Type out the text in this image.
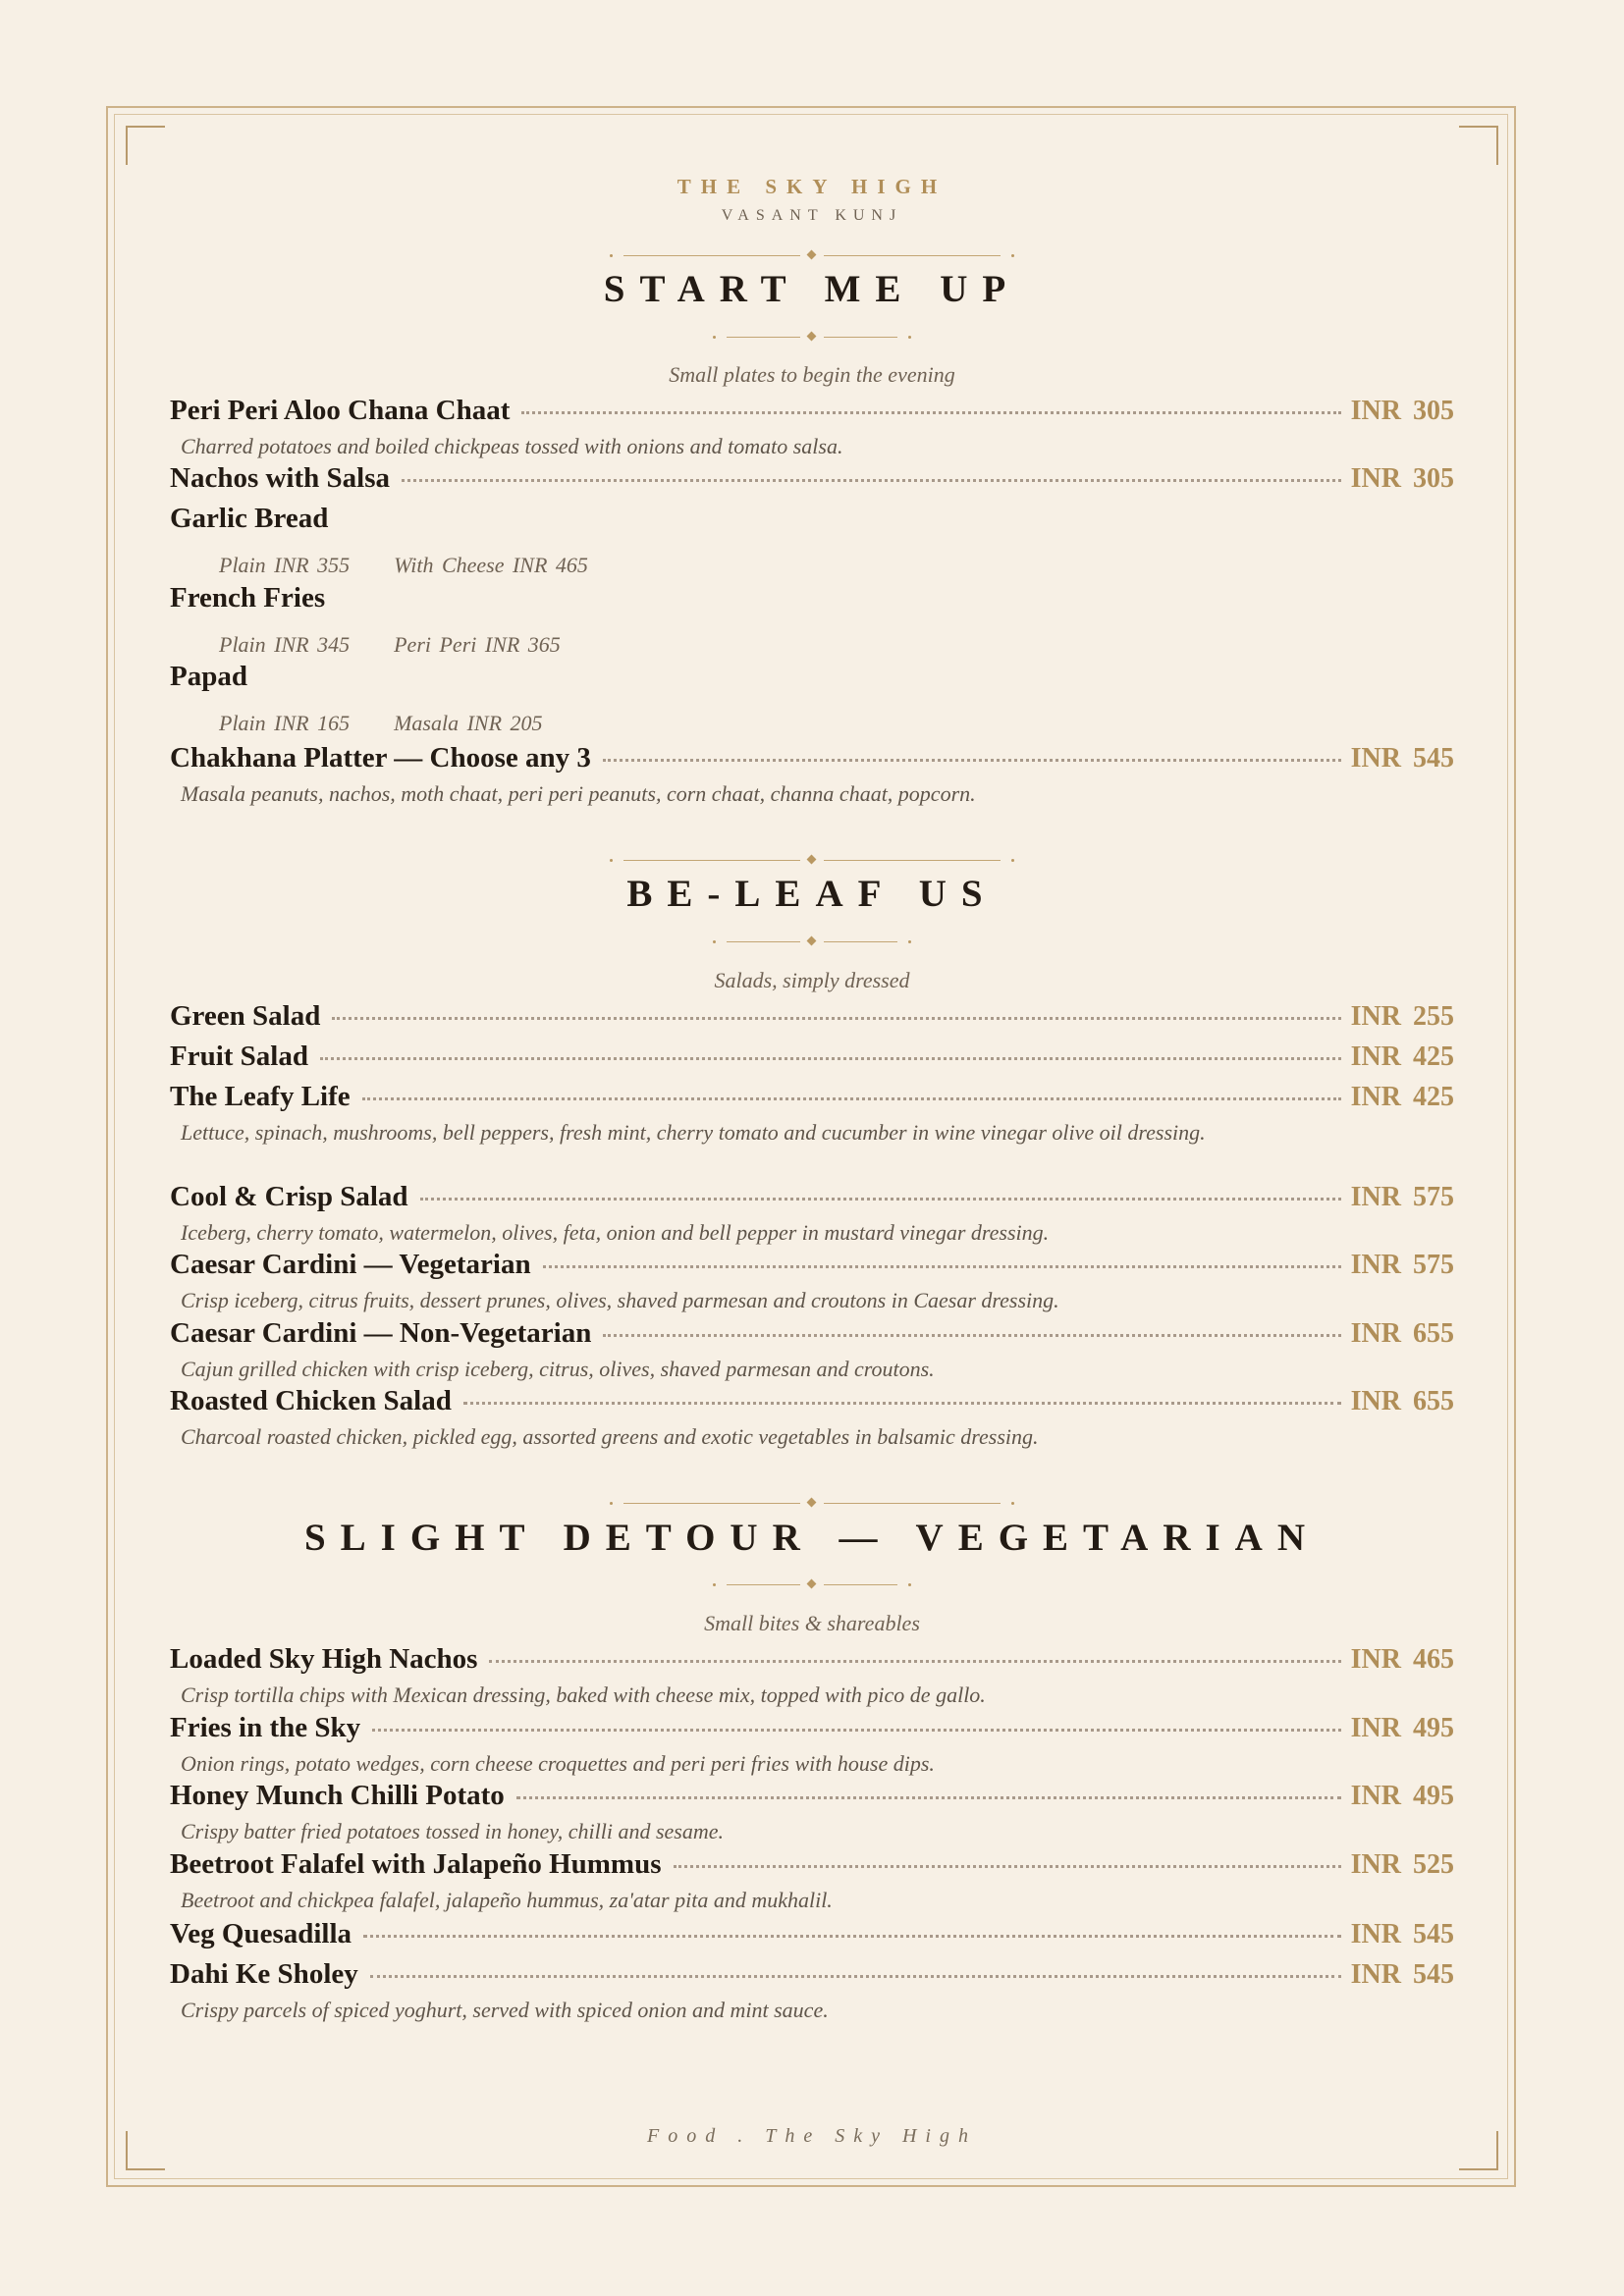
THE SKY HIGH
VASANT KUNJ
START ME UP
Small plates to begin the evening
Peri Peri Aloo Chana Chaat	INR 305
Charred potatoes and boiled chickpeas tossed with onions and tomato salsa.
Nachos with Salsa	INR 305
Garlic Bread
Plain INR 355 With Cheese INR 465
French Fries
Plain INR 345 Peri Peri INR 365
Papad
Plain INR 165 Masala INR 205
Chakhana Platter — Choose any 3	INR 545
Masala peanuts, nachos, moth chaat, peri peri peanuts, corn chaat, channa chaat, popcorn.
BE-LEAF US
Salads, simply dressed
Green Salad	INR 255
Fruit Salad	INR 425
The Leafy Life	INR 425
Lettuce, spinach, mushrooms, bell peppers, fresh mint, cherry tomato and cucumber in wine vinegar olive oil dressing.
Cool & Crisp Salad	INR 575
Iceberg, cherry tomato, watermelon, olives, feta, onion and bell pepper in mustard vinegar dressing.
Caesar Cardini — Vegetarian	INR 575
Crisp iceberg, citrus fruits, dessert prunes, olives, shaved parmesan and croutons in Caesar dressing.
Caesar Cardini — Non-Vegetarian	INR 655
Cajun grilled chicken with crisp iceberg, citrus, olives, shaved parmesan and croutons.
Roasted Chicken Salad	INR 655
Charcoal roasted chicken, pickled egg, assorted greens and exotic vegetables in balsamic dressing.
SLIGHT DETOUR — VEGETARIAN
Small bites & shareables
Loaded Sky High Nachos	INR 465
Crisp tortilla chips with Mexican dressing, baked with cheese mix, topped with pico de gallo.
Fries in the Sky	INR 495
Onion rings, potato wedges, corn cheese croquettes and peri peri fries with house dips.
Honey Munch Chilli Potato	INR 495
Crispy batter fried potatoes tossed in honey, chilli and sesame.
Beetroot Falafel with Jalapeño Hummus	INR 525
Beetroot and chickpea falafel, jalapeño hummus, za'atar pita and mukhalil.
Veg Quesadilla	INR 545
Dahi Ke Sholey	INR 545
Crispy parcels of spiced yoghurt, served with spiced onion and mint sauce.
Food . The Sky High
